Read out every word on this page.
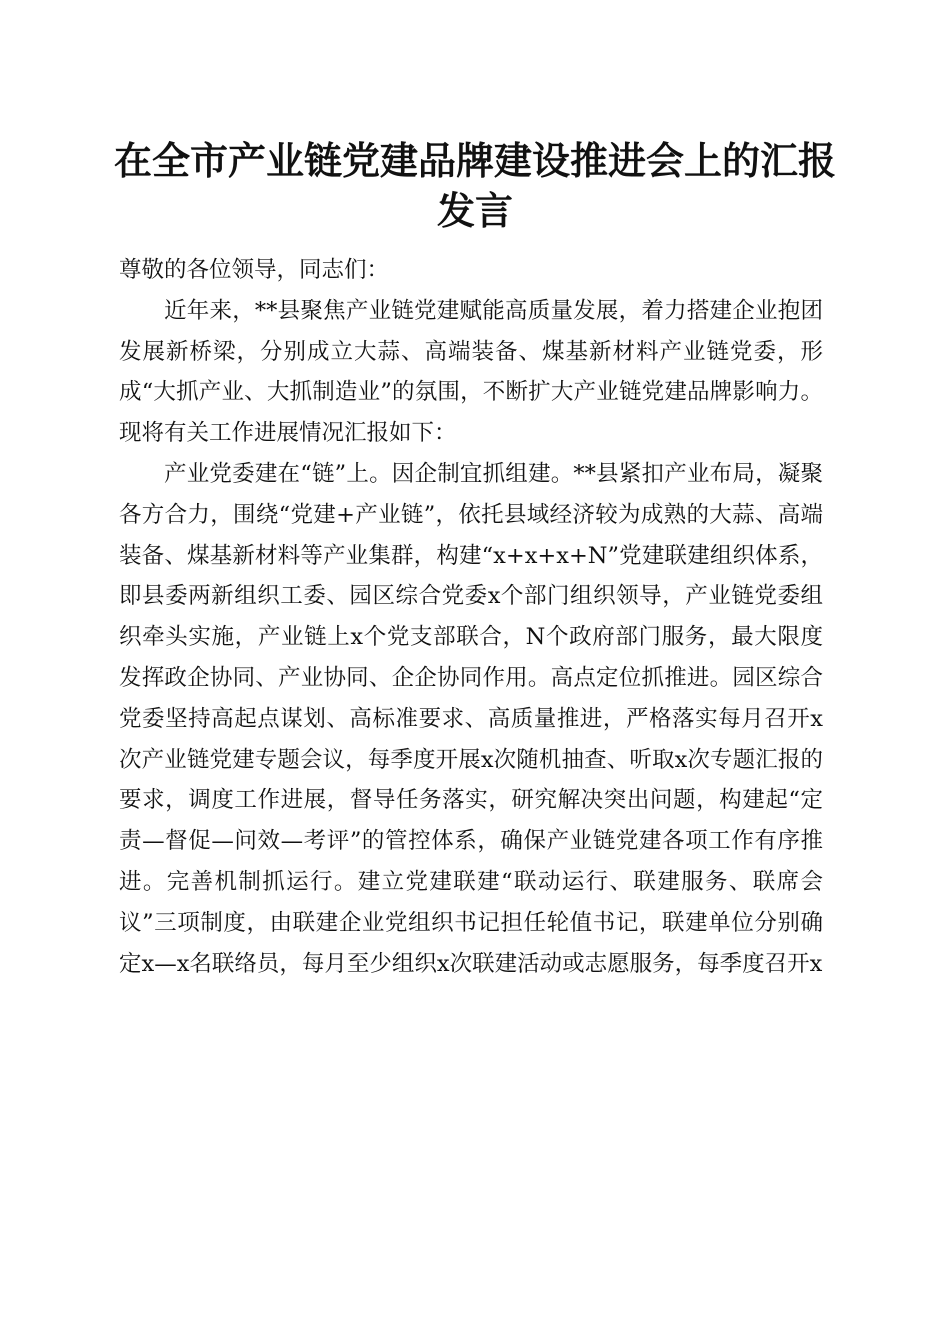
在全市产业链党建品牌建设推进会上的汇报发言

尊敬的各位领导，同志们：

近年来，**县聚焦产业链党建赋能高质量发展，着力搭建企业抱团发展新桥梁，分别成立大蒜、高端装备、煤基新材料产业链党委，形成“大抓产业、大抓制造业”的氛围，不断扩大产业链党建品牌影响力。现将有关工作进展情况汇报如下：

产业党委建在“链”上。因企制宜抓组建。**县紧扣产业布局，凝聚各方合力，围绕“党建+产业链”，依托县域经济较为成熟的大蒜、高端装备、煤基新材料等产业集群，构建“x+x+x+N”党建联建组织体系，即县委两新组织工委、园区综合党委x个部门组织领导，产业链党委组织牵头实施，产业链上x个党支部联合，N个政府部门服务，最大限度发挥政企协同、产业协同、企企协同作用。高点定位抓推进。园区综合党委坚持高起点谋划、高标准要求、高质量推进，严格落实每月召开x次产业链党建专题会议，每季度开展x次随机抽查、听取x次专题汇报的要求，调度工作进展，督导任务落实，研究解决突出问题，构建起“定责—督促—问效—考评”的管控体系，确保产业链党建各项工作有序推进。完善机制抓运行。建立党建联建“联动运行、联建服务、联席会议”三项制度，由联建企业党组织书记担任轮值书记，联建单位分别确定x—x名联络员，每月至少组织x次联建活动或志愿服务，每季度召开x
